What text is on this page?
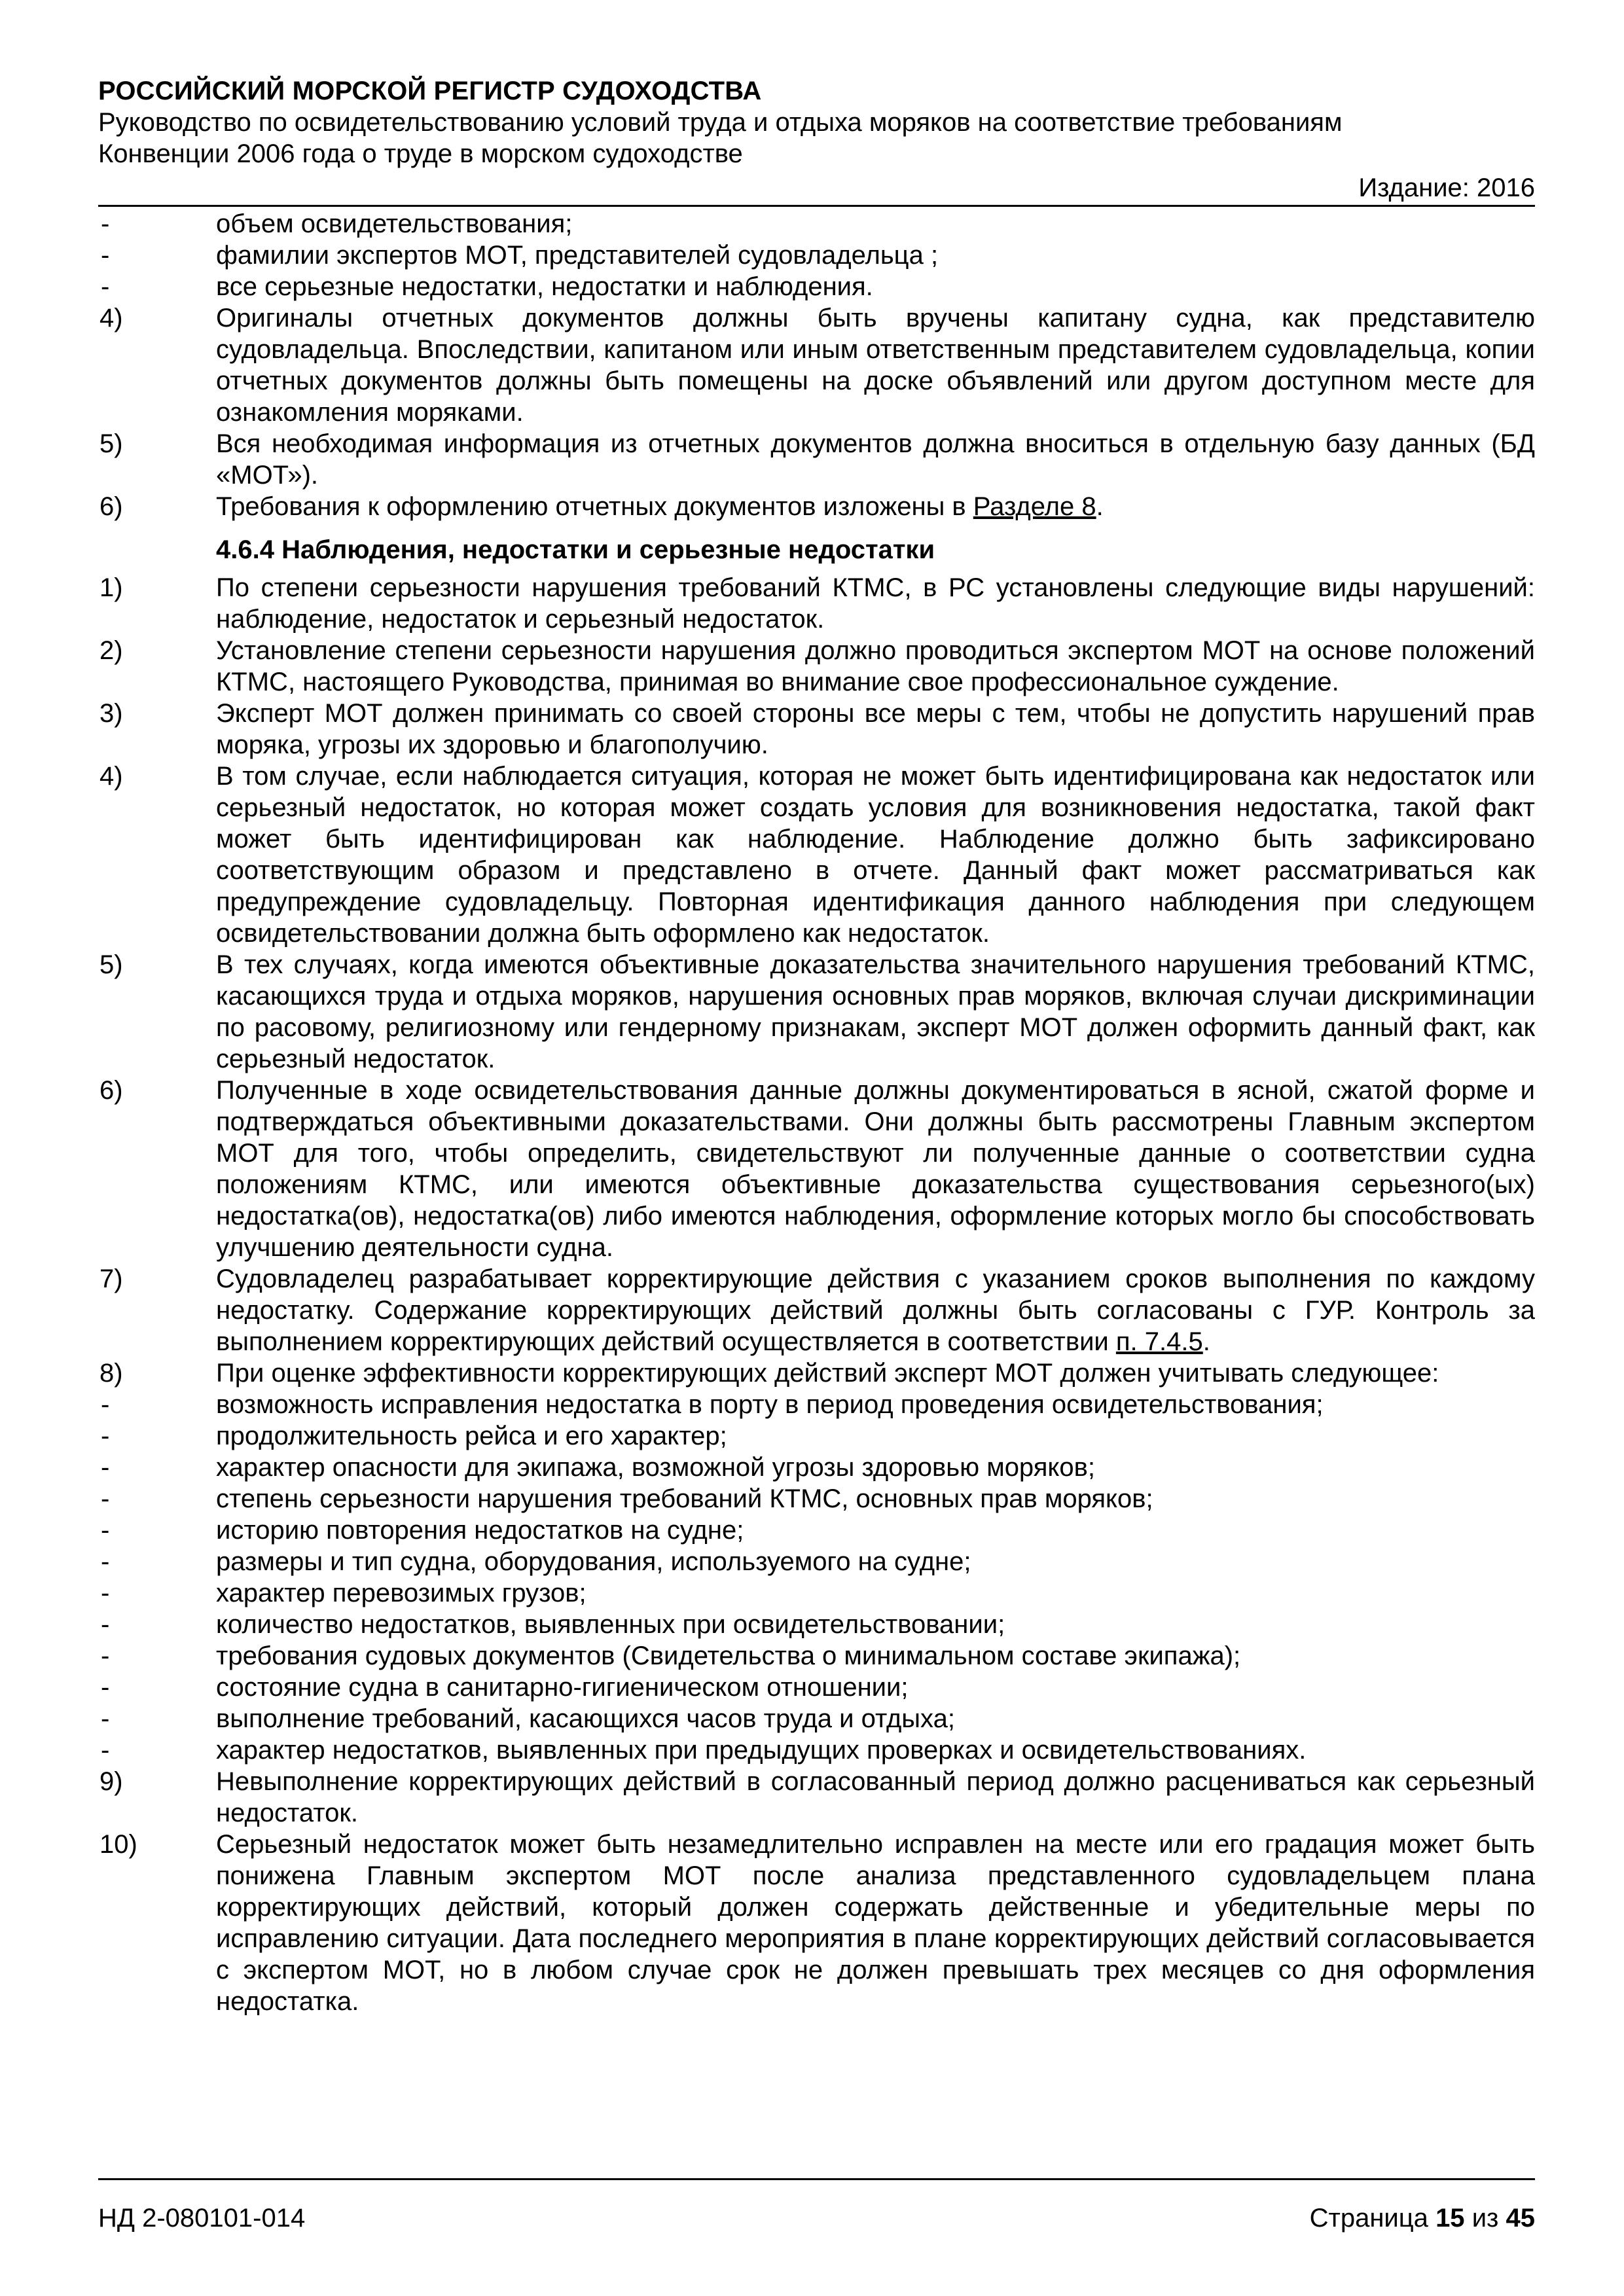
РОССИЙСКИЙ МОРСКОЙ РЕГИСТР СУДОХОДСТВА
Руководство по освидетельствованию условий труда и отдыха моряков на соответствие требованиям
Конвенции 2006 года о труде в морском судоходстве
Издание: 2016
-	объем освидетельствования;
-	фамилии экспертов МОТ, представителей судовладельца ;
-	все серьезные недостатки, недостатки и наблюдения.
4)	Оригиналы отчетных документов должны быть вручены капитану судна, как представителю судовладельца. Впоследствии, капитаном или иным ответственным представителем судовладельца, копии отчетных документов должны быть помещены на доске объявлений или другом доступном месте для ознакомления моряками.
5)	Вся необходимая информация из отчетных документов должна вноситься в отдельную базу данных (БД «МОТ»).
6)	Требования к оформлению отчетных документов изложены в Разделе 8.
4.6.4 Наблюдения, недостатки и серьезные недостатки
1)	По степени серьезности нарушения требований КТМС, в РС установлены следующие виды нарушений: наблюдение, недостаток и серьезный недостаток.
2)	Установление степени серьезности нарушения должно проводиться экспертом МОТ на основе положений КТМС, настоящего Руководства, принимая во внимание свое профессиональное суждение.
3)	Эксперт МОТ должен принимать со своей стороны все меры с тем, чтобы не допустить нарушений прав моряка, угрозы их здоровью и благополучию.
4)	В том случае, если наблюдается ситуация, которая не может быть идентифицирована как недостаток или серьезный недостаток, но которая может создать условия для возникновения недостатка, такой факт может быть идентифицирован как наблюдение. Наблюдение должно быть зафиксировано соответствующим образом и представлено в отчете. Данный факт может рассматриваться как предупреждение судовладельцу. Повторная идентификация данного наблюдения при следующем освидетельствовании должна быть оформлено как недостаток.
5)	В тех случаях, когда имеются объективные доказательства значительного нарушения требований КТМС, касающихся труда и отдыха моряков, нарушения основных прав моряков, включая случаи дискриминации по расовому, религиозному или гендерному признакам, эксперт МОТ должен оформить данный факт, как серьезный недостаток.
6)	Полученные в ходе освидетельствования данные должны документироваться в ясной, сжатой форме и подтверждаться объективными доказательствами. Они должны быть рассмотрены Главным экспертом МОТ для того, чтобы определить, свидетельствуют ли полученные данные о соответствии судна положениям КТМС, или имеются объективные доказательства существования серьезного(ых) недостатка(ов), недостатка(ов) либо имеются наблюдения, оформление которых могло бы способствовать улучшению деятельности судна.
7)	Судовладелец разрабатывает корректирующие действия с указанием сроков выполнения по каждому недостатку. Содержание корректирующих действий должны быть согласованы с ГУР. Контроль за выполнением корректирующих действий осуществляется в соответствии п. 7.4.5.
8)	При оценке эффективности корректирующих действий эксперт МОТ должен учитывать следующее:
-	возможность исправления недостатка в порту в период проведения освидетельствования;
-	продолжительность рейса и его характер;
-	характер опасности для экипажа, возможной угрозы здоровью моряков;
-	степень серьезности нарушения требований КТМС, основных прав моряков;
-	историю повторения недостатков на судне;
-	размеры и тип судна, оборудования, используемого на судне;
-	характер перевозимых грузов;
-	количество недостатков, выявленных при освидетельствовании;
-	требования судовых документов (Свидетельства о минимальном составе экипажа);
-	состояние судна в санитарно-гигиеническом отношении;
-	выполнение требований, касающихся часов труда и отдыха;
-	характер недостатков, выявленных при предыдущих проверках и освидетельствованиях.
9)	Невыполнение корректирующих действий в согласованный период должно расцениваться как серьезный недостаток.
10)	Серьезный недостаток может быть незамедлительно исправлен на месте или его градация может быть понижена Главным экспертом МОТ после анализа представленного судовладельцем плана корректирующих действий, который должен содержать действенные и убедительные меры по исправлению ситуации. Дата последнего мероприятия в плане корректирующих действий согласовывается с экспертом МОТ, но в любом случае срок не должен превышать трех месяцев со дня оформления недостатка.
НД 2-080101-014	Страница 15 из 45
